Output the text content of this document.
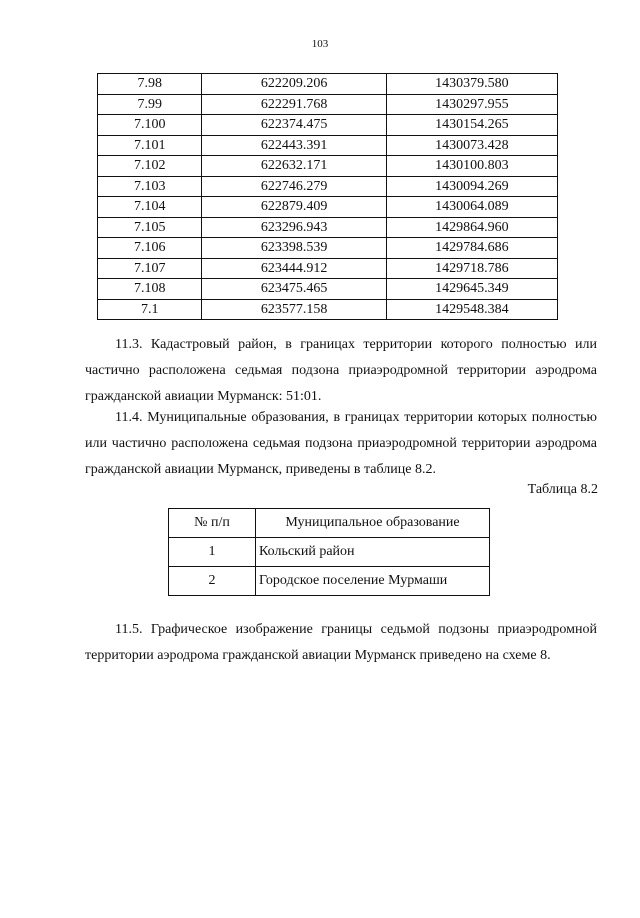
103
7.98	622209.206	1430379.580
7.99	622291.768	1430297.955
7.100	622374.475	1430154.265
7.101	622443.391	1430073.428
7.102	622632.171	1430100.803
7.103	622746.279	1430094.269
7.104	622879.409	1430064.089
7.105	623296.943	1429864.960
7.106	623398.539	1429784.686
7.107	623444.912	1429718.786
7.108	623475.465	1429645.349
7.1	623577.158	1429548.384

11.3. Кадастровый район, в границах территории которого полностью или частично расположена седьмая подзона приаэродромной территории аэродрома гражданской авиации Мурманск: 51:01.

11.4. Муниципальные образования, в границах территории которых полностью или частично расположена седьмая подзона приаэродромной территории аэродрома гражданской авиации Мурманск, приведены в таблице 8.2.

Таблица 8.2
№ п/п	Муниципальное образование
1	Кольский район
2	Городское поселение Мурмаши

11.5. Графическое изображение границы седьмой подзоны приаэродромной территории аэродрома гражданской авиации Мурманск приведено на схеме 8.
